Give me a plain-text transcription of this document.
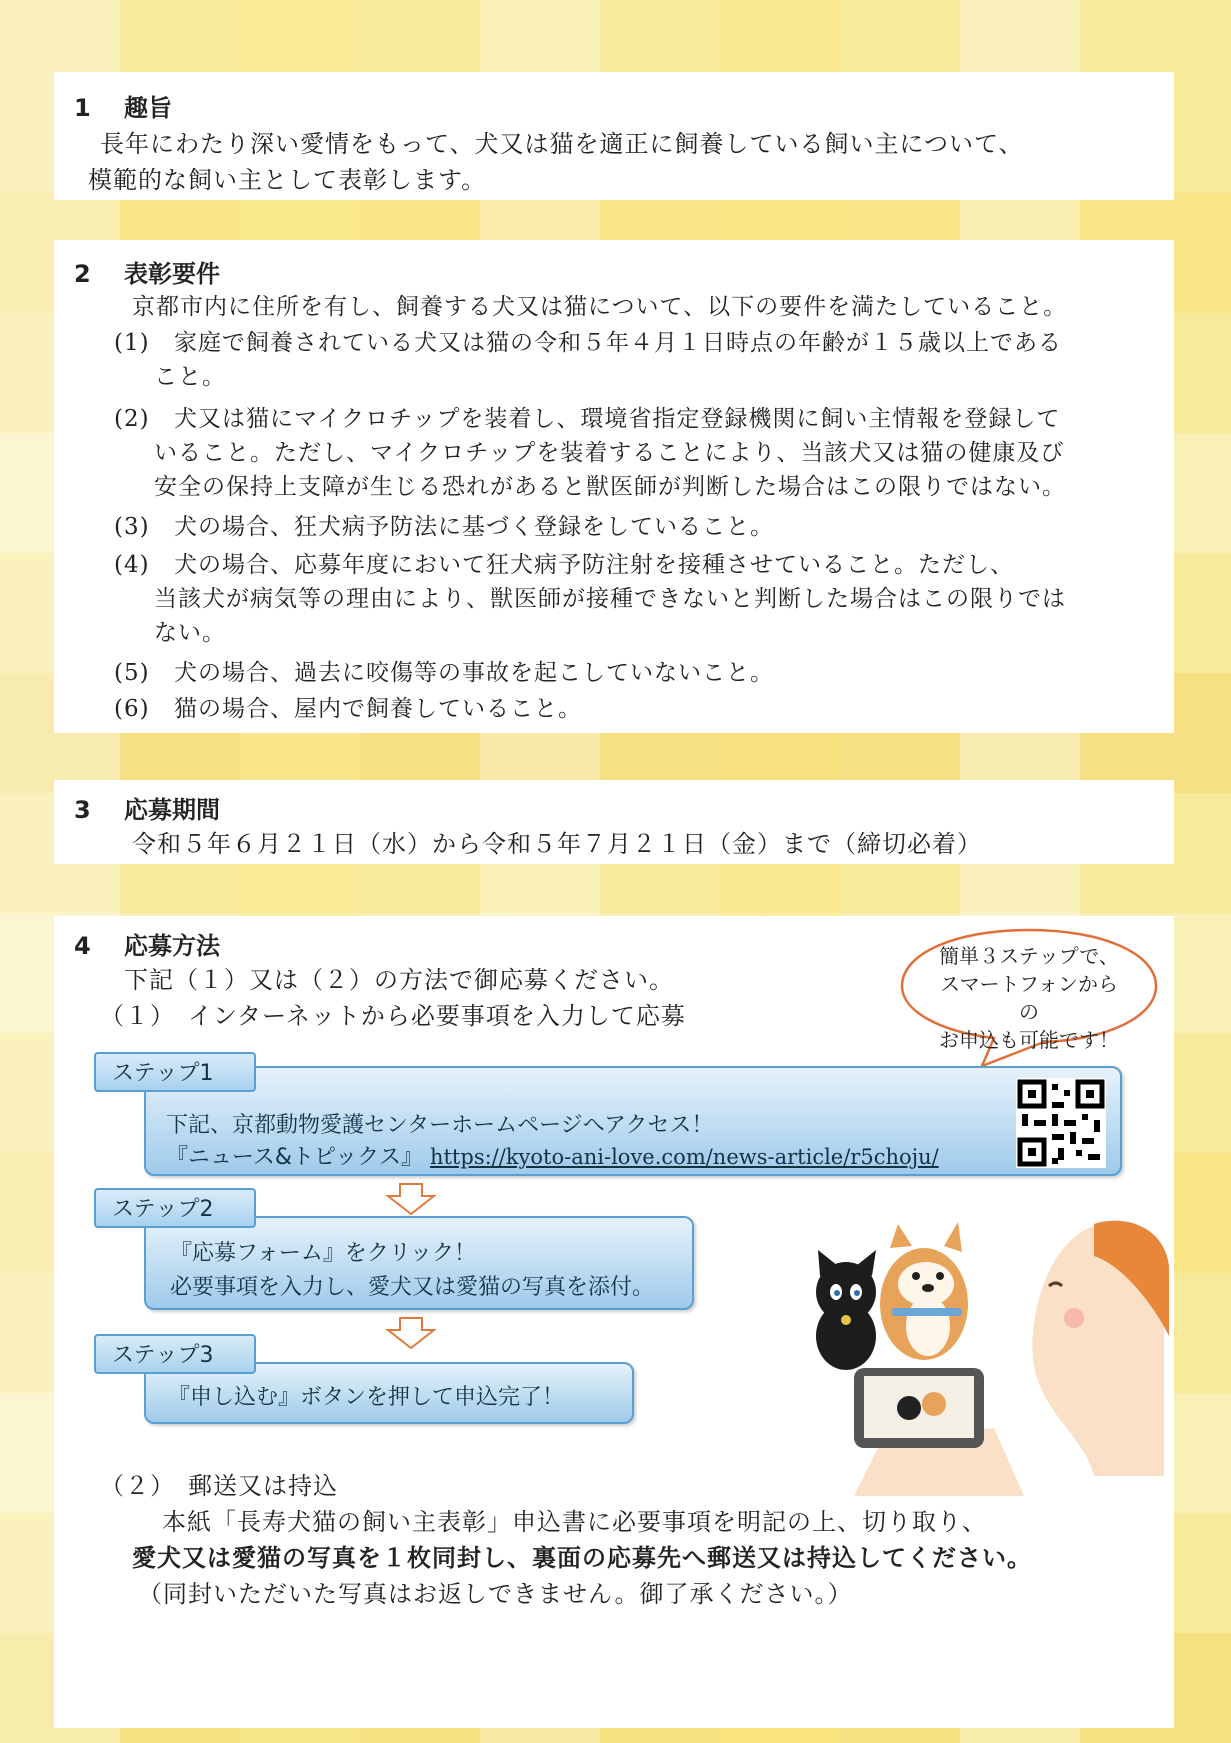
1 趣旨
長年にわたり深い愛情をもって、犬又は猫を適正に飼養している飼い主について、
模範的な飼い主として表彰します。
2 表彰要件
京都市内に住所を有し、飼養する犬又は猫について、以下の要件を満たしていること。
(1) 家庭で飼養されている犬又は猫の令和５年４月１日時点の年齢が１５歳以上である
こと。
(2) 犬又は猫にマイクロチップを装着し、環境省指定登録機関に飼い主情報を登録して
いること。ただし、マイクロチップを装着することにより、当該犬又は猫の健康及び
安全の保持上支障が生じる恐れがあると獣医師が判断した場合はこの限りではない。
(3) 犬の場合、狂犬病予防法に基づく登録をしていること。
(4) 犬の場合、応募年度において狂犬病予防注射を接種させていること。ただし、
当該犬が病気等の理由により、獣医師が接種できないと判断した場合はこの限りでは
ない。
(5) 犬の場合、過去に咬傷等の事故を起こしていないこと。
(6) 猫の場合、屋内で飼養していること。
3 応募期間
令和５年６月２１日（水）から令和５年７月２１日（金）まで（締切必着）
4 応募方法
下記（１）又は（２）の方法で御応募ください。
（１）　インターネットから必要事項を入力して応募
簡単３ステップで、
スマートフォンからの
お申込も可能です！
下記、京都動物愛護センターホームページへアクセス！
『ニュース&トピックス』 https://kyoto-ani-love.com/news-article/r5choju/
ステップ1
『応募フォーム』をクリック！
必要事項を入力し、愛犬又は愛猫の写真を添付。
ステップ2
『申し込む』ボタンを押して申込完了！
ステップ3
（２）　郵送又は持込
本紙「長寿犬猫の飼い主表彰」申込書に必要事項を明記の上、切り取り、
愛犬又は愛猫の写真を１枚同封し、裏面の応募先へ郵送又は持込してください。
（同封いただいた写真はお返しできません。御了承ください。）
